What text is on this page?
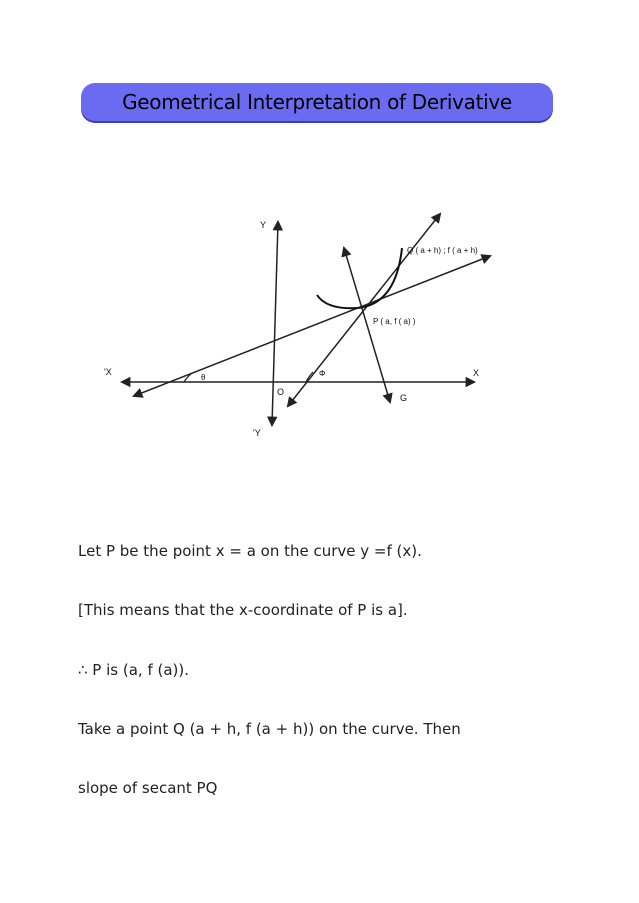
Geometrical Interpretation of Derivative
Y
'Y
X
'X
O
θ	Φ
Q ( a + h) ; f ( a + h)
P ( a, f ( a) )
G

Let P be the point x = a on the curve y =f (x).

[This means that the x-coordinate of P is a].

∴ P is (a, f (a)).

Take a point Q (a + h, f (a + h)) on the curve. Then

slope of secant PQ
